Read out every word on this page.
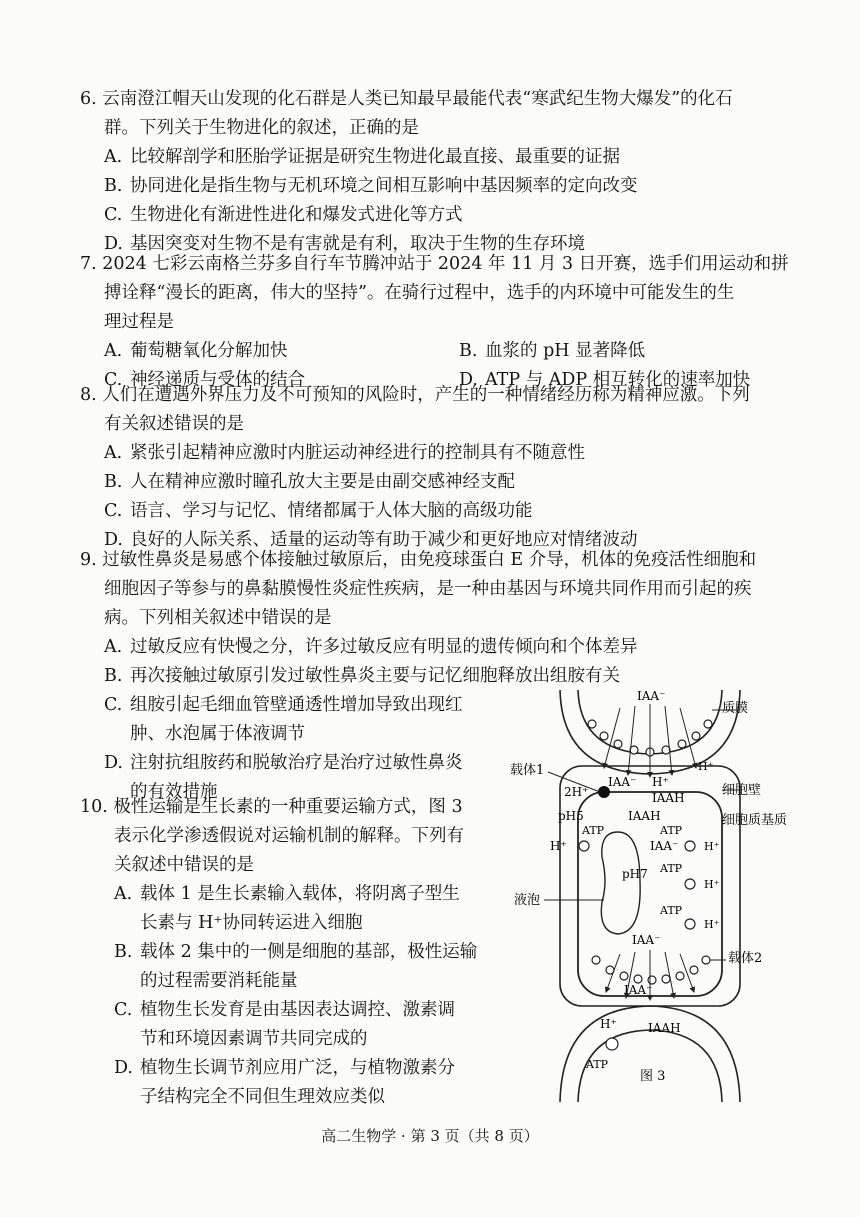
6. 云南澄江帽天山发现的化石群是人类已知最早最能代表“寒武纪生物大爆发”的化石
群。下列关于生物进化的叙述，正确的是
A. 比较解剖学和胚胎学证据是研究生物进化最直接、最重要的证据
B. 协同进化是指生物与无机环境之间相互影响中基因频率的定向改变
C. 生物进化有渐进性进化和爆发式进化等方式
D. 基因突变对生物不是有害就是有利，取决于生物的生存环境
7. 2024 七彩云南格兰芬多自行车节腾冲站于 2024 年 11 月 3 日开赛，选手们用运动和拼
搏诠释“漫长的距离，伟大的坚持”。在骑行过程中，选手的内环境中可能发生的生
理过程是
A. 葡萄糖氧化分解加快	B. 血浆的 pH 显著降低
C. 神经递质与受体的结合	D. ATP 与 ADP 相互转化的速率加快
8. 人们在遭遇外界压力及不可预知的风险时，产生的一种情绪经历称为精神应激。下列
有关叙述错误的是
A. 紧张引起精神应激时内脏运动神经进行的控制具有不随意性
B. 人在精神应激时瞳孔放大主要是由副交感神经支配
C. 语言、学习与记忆、情绪都属于人体大脑的高级功能
D. 良好的人际关系、适量的运动等有助于减少和更好地应对情绪波动
9. 过敏性鼻炎是易感个体接触过敏原后，由免疫球蛋白 E 介导，机体的免疫活性细胞和
细胞因子等参与的鼻黏膜慢性炎症性疾病，是一种由基因与环境共同作用而引起的疾
病。下列相关叙述中错误的是
A. 过敏反应有快慢之分，许多过敏反应有明显的遗传倾向和个体差异
B. 再次接触过敏原引发过敏性鼻炎主要与记忆细胞释放出组胺有关
C. 组胺引起毛细血管壁通透性增加导致出现红
肿、水泡属于体液调节
D. 注射抗组胺药和脱敏治疗是治疗过敏性鼻炎
的有效措施
10. 极性运输是生长素的一种重要运输方式，图 3
表示化学渗透假说对运输机制的解释。下列有
关叙述中错误的是
A. 载体 1 是生长素输入载体，将阴离子型生
长素与 H⁺协同转运进入细胞
B. 载体 2 集中的一侧是细胞的基部，极性运输
的过程需要消耗能量
C. 植物生长发育是由基因表达调控、激素调
节和环境因素调节共同完成的
D. 植物生长调节剂应用广泛，与植物激素分
子结构完全不同但生理效应类似
IAA⁻
质膜
H⁺
IAA⁻ H⁺
IAAH
载体1
2H⁺
pH5
ATP
IAAH
ATP
IAA⁻
pH7 ATP
ATP
H⁺	H⁺
H⁺
H⁺
细胞壁
细胞质基质
液泡
IAA⁻
载体2
IAA⁻
H⁺	IAAH
ATP
图 3
高二生物学 · 第 3 页（共 8 页）
